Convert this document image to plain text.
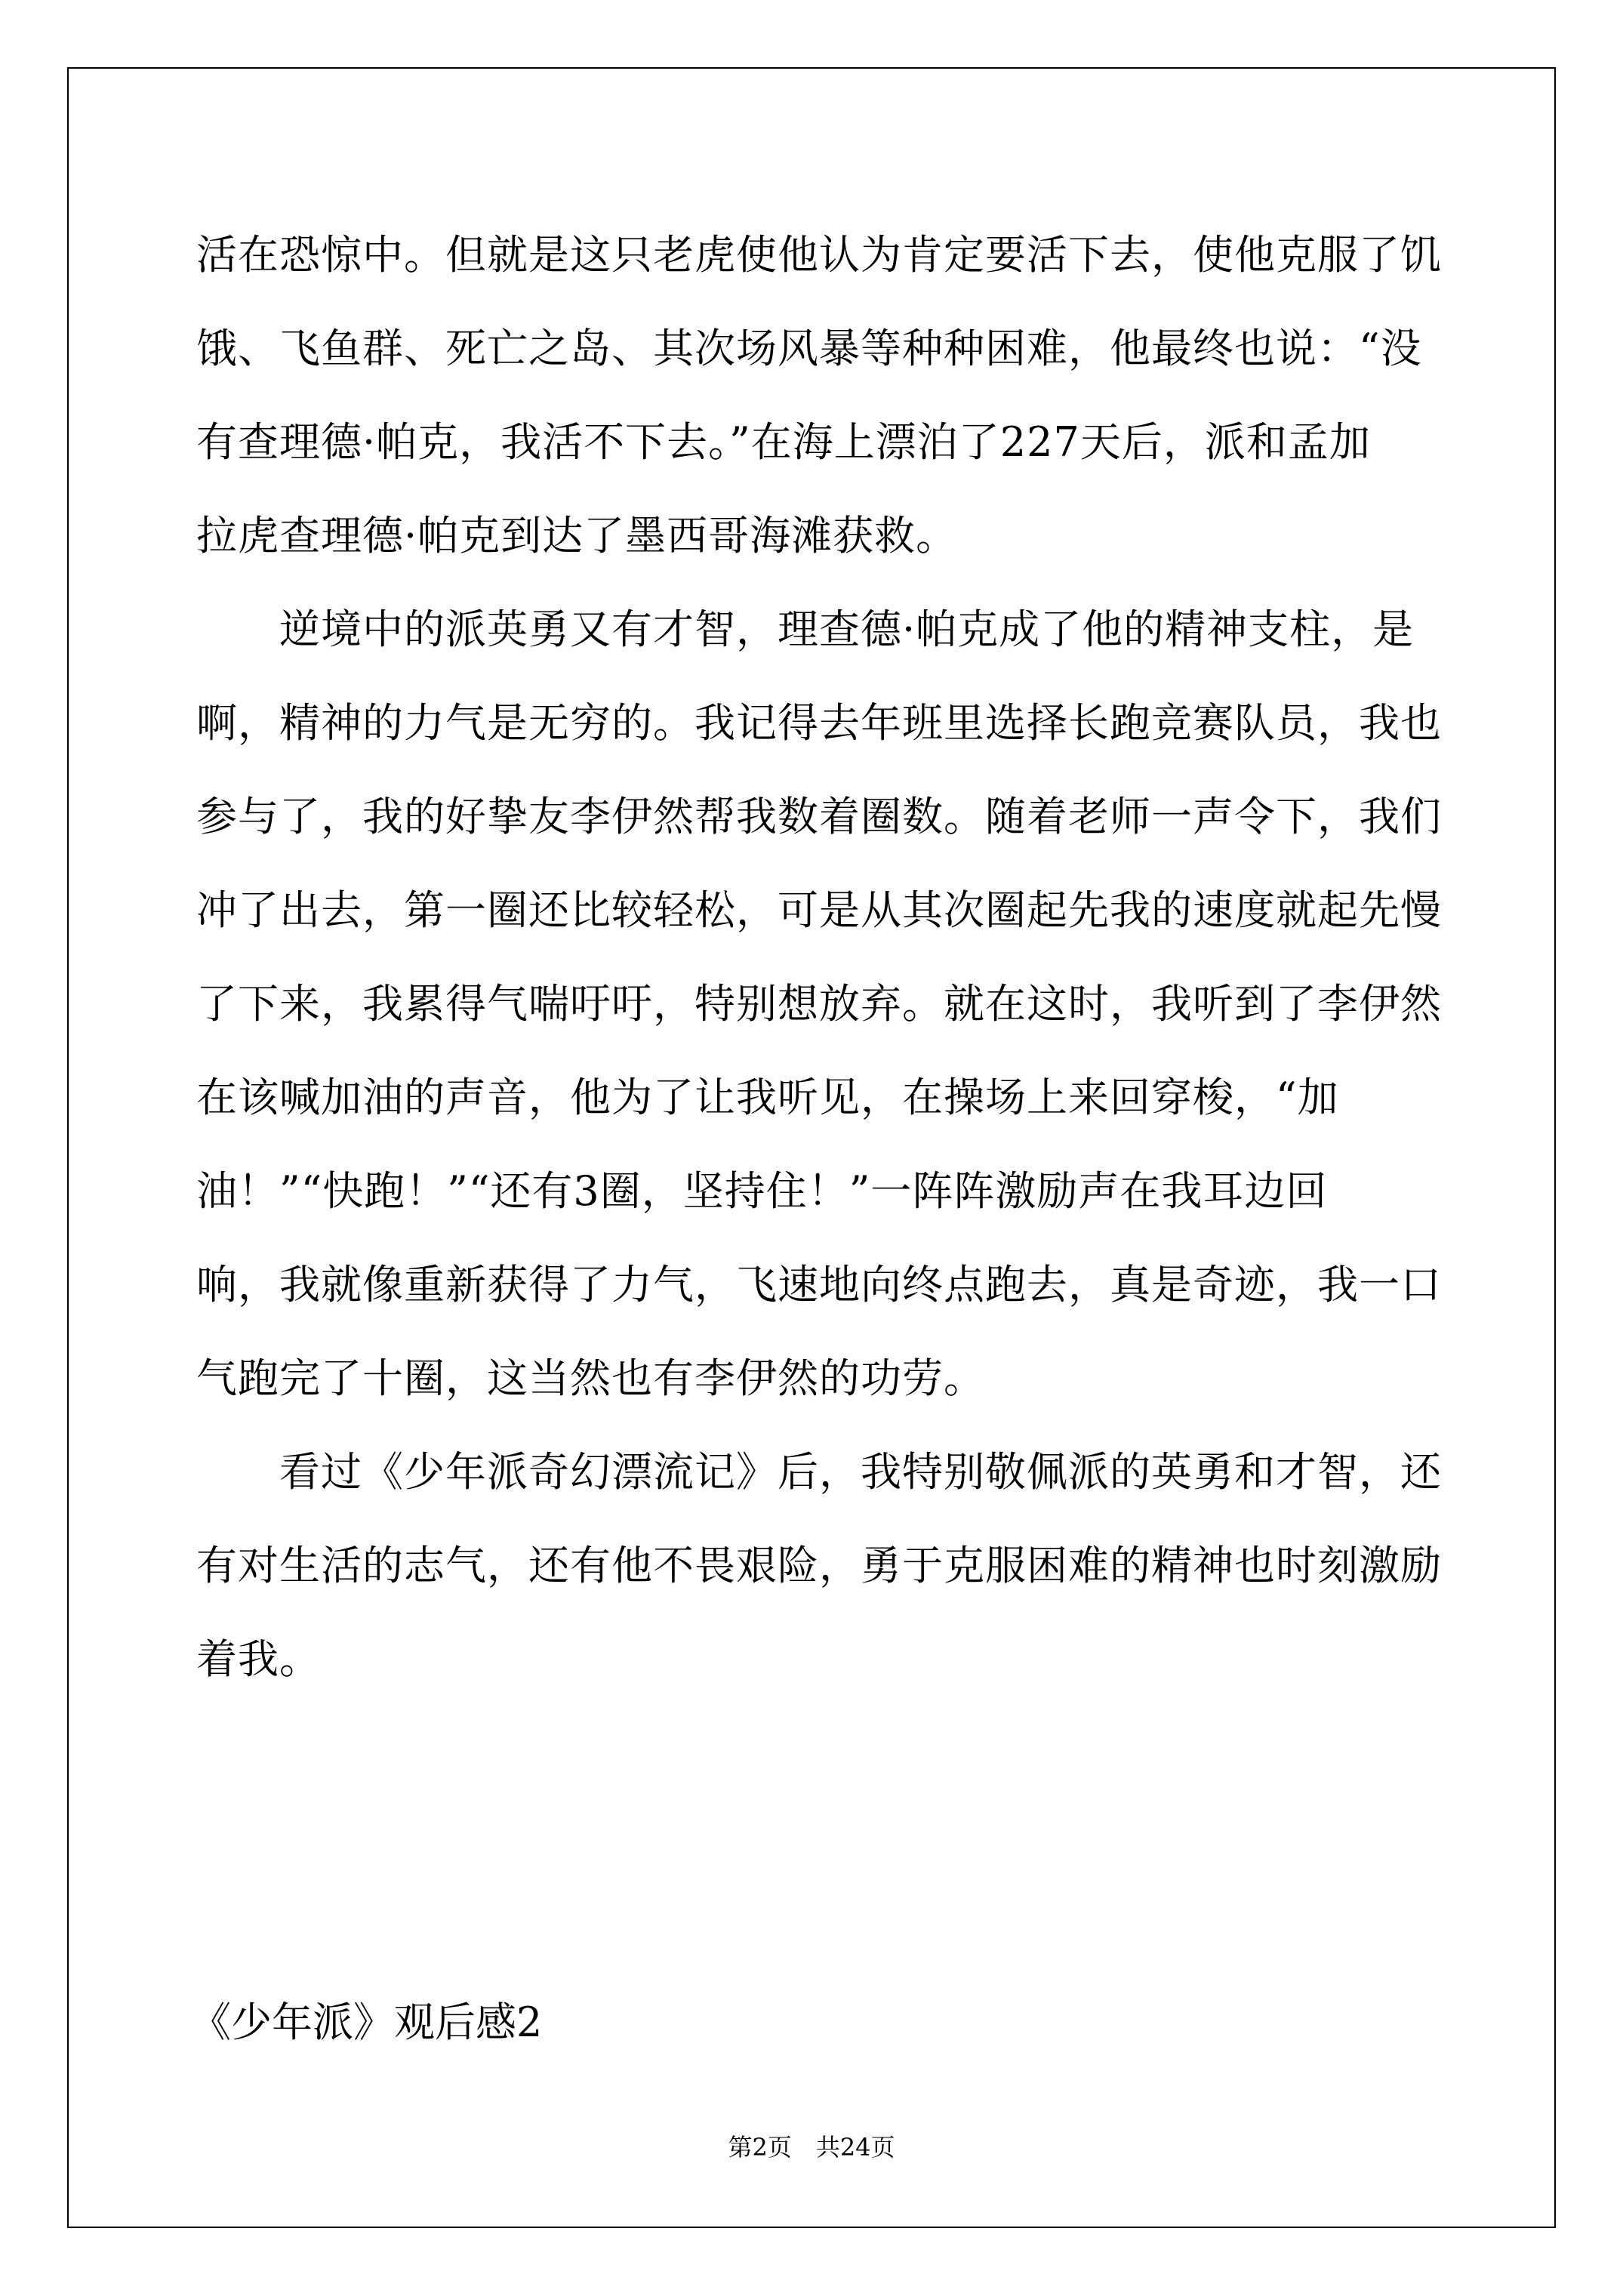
活在恐惊中。但就是这只老虎使他认为肯定要活下去，使他克服了饥
饿、飞鱼群、死亡之岛、其次场风暴等种种困难，他最终也说：“没
有查理德·帕克，我活不下去。”在海上漂泊了227天后，派和孟加
拉虎查理德·帕克到达了墨西哥海滩获救。
　　逆境中的派英勇又有才智，理查德·帕克成了他的精神支柱，是
啊，精神的力气是无穷的。我记得去年班里选择长跑竞赛队员，我也
参与了，我的好挚友李伊然帮我数着圈数。随着老师一声令下，我们
冲了出去，第一圈还比较轻松，可是从其次圈起先我的速度就起先慢
了下来，我累得气喘吁吁，特别想放弃。就在这时，我听到了李伊然
在该喊加油的声音，他为了让我听见，在操场上来回穿梭，“加
油！”“快跑！”“还有3圈，坚持住！”一阵阵激励声在我耳边回
响，我就像重新获得了力气，飞速地向终点跑去，真是奇迹，我一口
气跑完了十圈，这当然也有李伊然的功劳。
　　看过《少年派奇幻漂流记》后，我特别敬佩派的英勇和才智，还
有对生活的志气，还有他不畏艰险，勇于克服困难的精神也时刻激励
着我。
《少年派》观后感2
第2页　共24页
